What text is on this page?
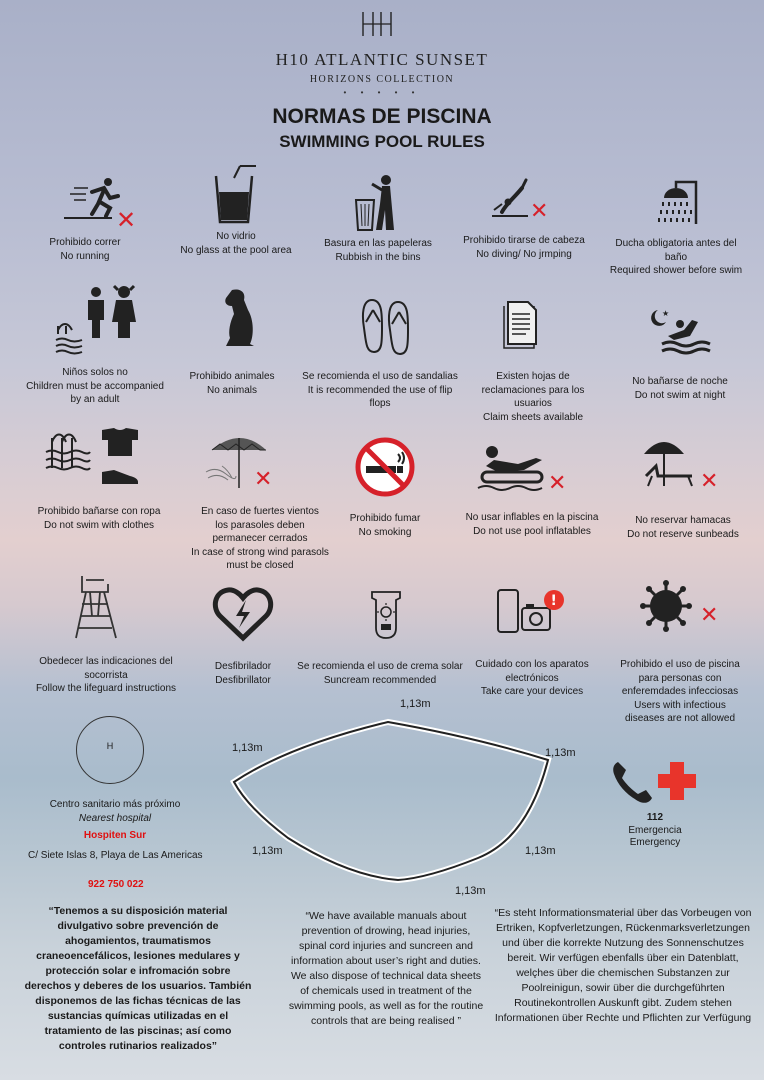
H10 ATLANTIC SUNSET
HORIZONS COLLECTION
• • • • •
NORMAS DE PISCINA
SWIMMING POOL RULES
✕
Prohibido correr
No running
No vidrio
No glass at the pool area
Basura en las papeleras
Rubbish in the bins
✕
Prohibido tirarse de cabeza
No diving/ No jrmping
Ducha obligatoria antes del baño
Required shower before swim
Niños solos no
Children must be accompanied by an adult
Prohibido animales
No animals
Se recomienda el uso de sandalias
It is recommended the use of flip flops
Existen hojas de reclamaciones para los usuarios
Claim sheets available
★
No bañarse de noche
Do not swim at night
Prohibido bañarse con ropa
Do not swim with clothes
✕
En caso de fuertes vientos los parasoles deben permanecer cerrados
In case of strong wind parasols must be closed
Prohibido fumar
No smoking
✕
No usar inflables en la piscina
Do not use pool inflatables
✕
No reservar hamacas
Do not reserve sunbeads
Obedecer las indicaciones del socorrista
Follow the lifeguard instructions
Desfibrilador
Desfibrillator
Se recomienda el uso de crema solar
Suncream recommended
!
Cuidado con los aparatos electrónicos
Take care your devices
✕
Prohibido el uso de piscina para personas con enferemdades infecciosas
Users with infectious diseases are not allowed
H
Centro sanitario más próximo
Nearest hospital
Hospiten Sur
C/ Siete Islas 8, Playa de Las Americas
922 750 022
1,13m
1,13m	1,13m
1,13m	1,13m
1,13m
112
Emergencia
Emergency
“Tenemos a su disposición material divulgativo sobre prevención de ahogamientos, traumatismos craneoencefálicos, lesiones medulares y protección solar e infromación sobre derechos y deberes de los usuarios. También disponemos de las fichas técnicas de las sustancias químicas utilizadas en el tratamiento de las piscinas; así como controles rutinarios realizados”
“We have available manuals about prevention of drowing, head injuries, spinal cord injuries and suncreen and information about user’s right and duties. We also dispose of technical data sheets of chemicals used in treatment of the swimming pools, as well as for the routine controls that are being realised ”
“Es steht Informationsmaterial über das Vorbeugen von Ertriken, Kopfverletzungen, Rückenmarksverletzungen und über die korrekte Nutzung des Sonnenschutzes bereit. Wir verfügen ebenfalls über ein Datenblatt, welçhes über die chemischen Substanzen zur Poolreinigun, sowir über die durchgeführten Routinekontrollen Auskunft gibt. Zudem stehen Informationen über Rechte und Pflichten zur Verfügung
